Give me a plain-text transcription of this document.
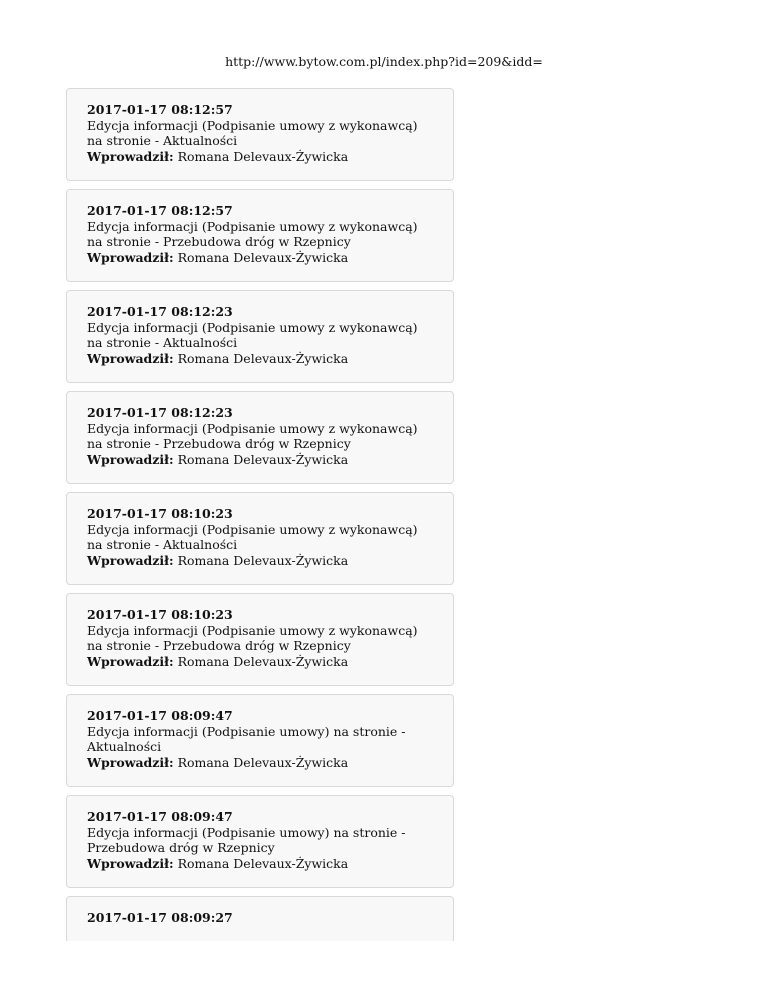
http://www.bytow.com.pl/index.php?id=209&idd=
2017-01-17 08:12:57
Edycja informacji (Podpisanie umowy z wykonawcą) na stronie - Aktualności
Wprowadził: Romana Delevaux-Żywicka
2017-01-17 08:12:57
Edycja informacji (Podpisanie umowy z wykonawcą) na stronie - Przebudowa dróg w Rzepnicy
Wprowadził: Romana Delevaux-Żywicka
2017-01-17 08:12:23
Edycja informacji (Podpisanie umowy z wykonawcą) na stronie - Aktualności
Wprowadził: Romana Delevaux-Żywicka
2017-01-17 08:12:23
Edycja informacji (Podpisanie umowy z wykonawcą) na stronie - Przebudowa dróg w Rzepnicy
Wprowadził: Romana Delevaux-Żywicka
2017-01-17 08:10:23
Edycja informacji (Podpisanie umowy z wykonawcą) na stronie - Aktualności
Wprowadził: Romana Delevaux-Żywicka
2017-01-17 08:10:23
Edycja informacji (Podpisanie umowy z wykonawcą) na stronie - Przebudowa dróg w Rzepnicy
Wprowadził: Romana Delevaux-Żywicka
2017-01-17 08:09:47
Edycja informacji (Podpisanie umowy) na stronie - Aktualności
Wprowadził: Romana Delevaux-Żywicka
2017-01-17 08:09:47
Edycja informacji (Podpisanie umowy) na stronie - Przebudowa dróg w Rzepnicy
Wprowadził: Romana Delevaux-Żywicka
2017-01-17 08:09:27
